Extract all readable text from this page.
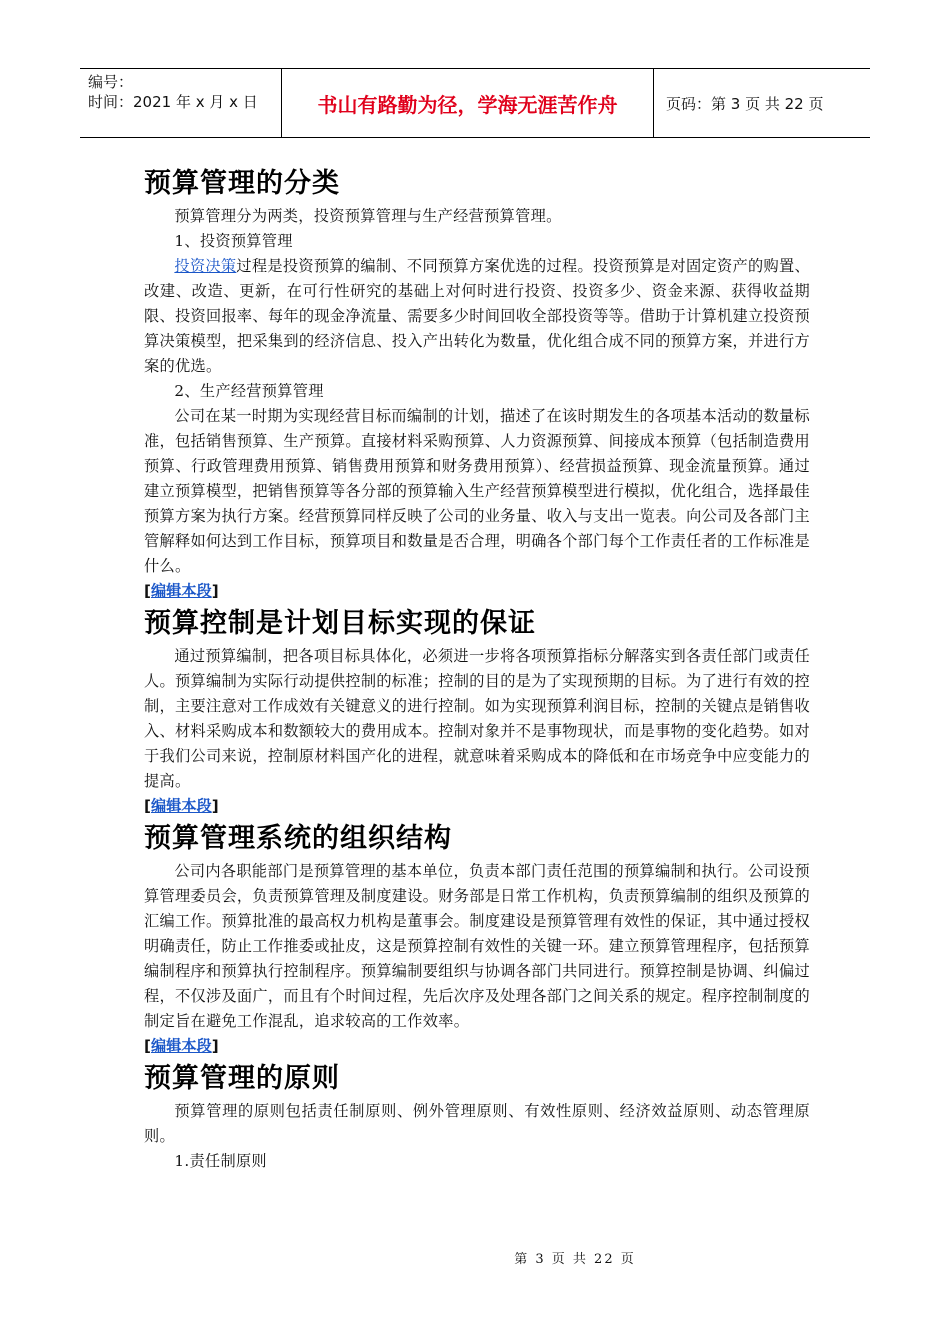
编号：
时间：2021 年 x 月 x 日	书山有路勤为径，学海无涯苦作舟	页码：第 3 页 共 22 页
预算管理的分类

预算管理分为两类，投资预算管理与生产经营预算管理。

1、投资预算管理

投资决策过程是投资预算的编制、不同预算方案优选的过程。投资预算是对固定资产的购置、改建、改造、更新，在可行性研究的基础上对何时进行投资、投资多少、资金来源、获得收益期限、投资回报率、每年的现金净流量、需要多少时间回收全部投资等等。借助于计算机建立投资预算决策模型，把采集到的经济信息、投入产出转化为数量，优化组合成不同的预算方案，并进行方案的优选。

2、生产经营预算管理

公司在某一时期为实现经营目标而编制的计划，描述了在该时期发生的各项基本活动的数量标准，包括销售预算、生产预算。直接材料采购预算、人力资源预算、间接成本预算（包括制造费用预算、行政管理费用预算、销售费用预算和财务费用预算）、经营损益预算、现金流量预算。通过建立预算模型，把销售预算等各分部的预算输入生产经营预算模型进行模拟，优化组合，选择最佳预算方案为执行方案。经营预算同样反映了公司的业务量、收入与支出一览表。向公司及各部门主管解释如何达到工作目标，预算项目和数量是否合理，明确各个部门每个工作责任者的工作标准是什么。

[编辑本段]
预算控制是计划目标实现的保证

通过预算编制，把各项目标具体化，必须进一步将各项预算指标分解落实到各责任部门或责任人。预算编制为实际行动提供控制的标准；控制的目的是为了实现预期的目标。为了进行有效的控制，主要注意对工作成效有关键意义的进行控制。如为实现预算利润目标，控制的关键点是销售收入、材料采购成本和数额较大的费用成本。控制对象并不是事物现状，而是事物的变化趋势。如对于我们公司来说，控制原材料国产化的进程，就意味着采购成本的降低和在市场竞争中应变能力的提高。

[编辑本段]
预算管理系统的组织结构

公司内各职能部门是预算管理的基本单位，负责本部门责任范围的预算编制和执行。公司设预算管理委员会，负责预算管理及制度建设。财务部是日常工作机构，负责预算编制的组织及预算的汇编工作。预算批准的最高权力机构是董事会。制度建设是预算管理有效性的保证，其中通过授权明确责任，防止工作推委或扯皮，这是预算控制有效性的关键一环。建立预算管理程序，包括预算编制程序和预算执行控制程序。预算编制要组织与协调各部门共同进行。预算控制是协调、纠偏过程，不仅涉及面广，而且有个时间过程，先后次序及处理各部门之间关系的规定。程序控制制度的制定旨在避免工作混乱，追求较高的工作效率。

[编辑本段]
预算管理的原则

预算管理的原则包括责任制原则、例外管理原则、有效性原则、经济效益原则、动态管理原则。

1.责任制原则

第 3 页 共 22 页
